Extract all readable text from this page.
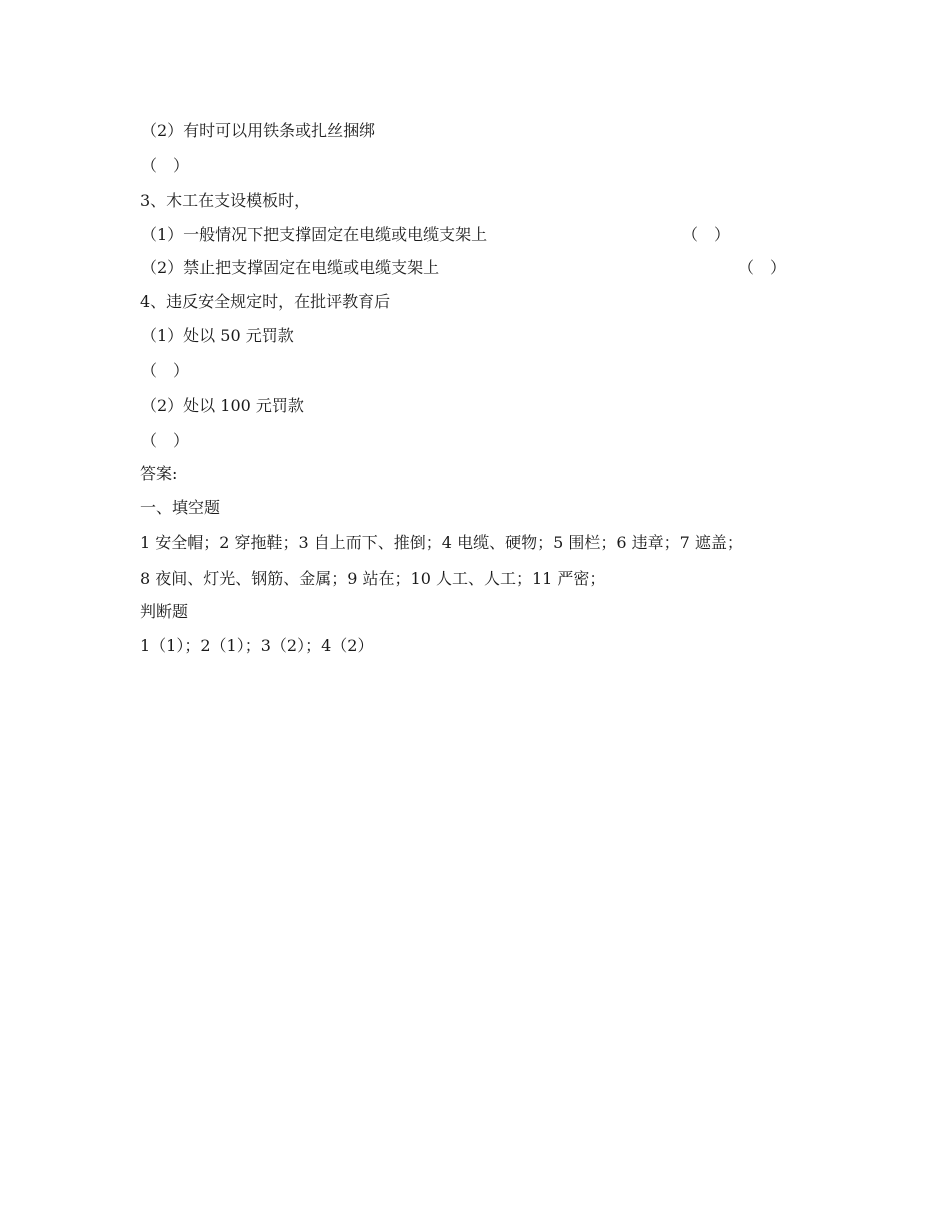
（2）有时可以用铁条或扎丝捆绑
（　）
3、木工在支设模板时，
（1）一般情况下把支撑固定在电缆或电缆支架上	（　）
（2）禁止把支撑固定在电缆或电缆支架上	（　）
4、违反安全规定时，在批评教育后
（1）处以 50 元罚款
（　）
（2）处以 100 元罚款
（　）
答案:
一、填空题
1 安全帽；2 穿拖鞋；3 自上而下、推倒；4 电缆、硬物；5 围栏；6 违章；7 遮盖；
8 夜间、灯光、钢筋、金属；9 站在；10 人工、人工；11 严密；
判断题
1（1）；2（1）；3（2）；4（2）
